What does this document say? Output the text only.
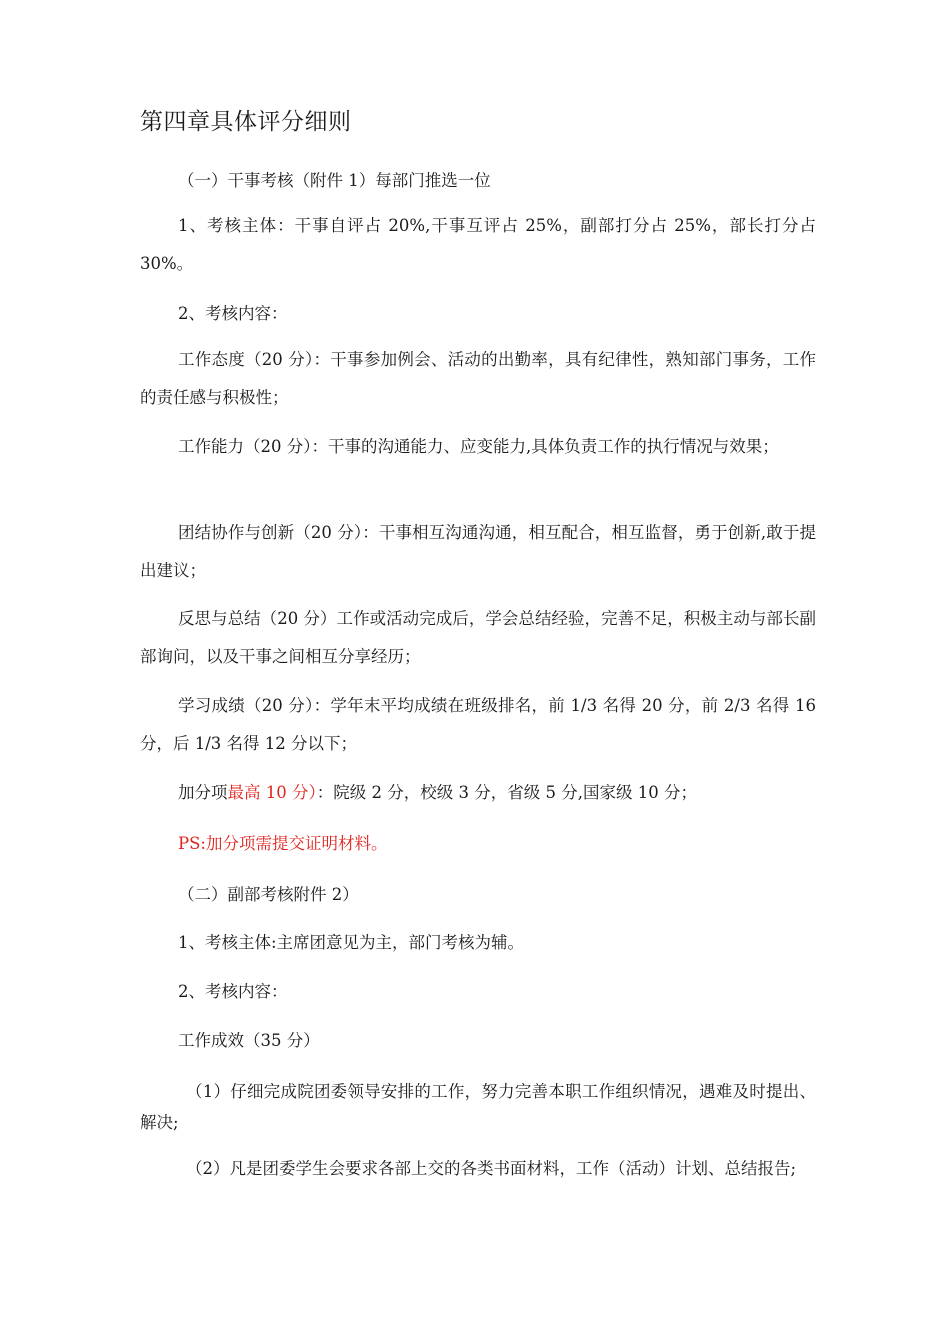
第四章具体评分细则

（一）干事考核（附件 1）每部门推选一位

1、考核主体：干事自评占 20%,干事互评占 25%，副部打分占 25%，部长打分占 30%。

2、考核内容：

工作态度（20 分）：干事参加例会、活动的出勤率，具有纪律性，熟知部门事务，工作的责任感与积极性；

工作能力（20 分）：干事的沟通能力、应变能力,具体负责工作的执行情况与效果；

团结协作与创新（20 分）：干事相互沟通沟通，相互配合，相互监督，勇于创新,敢于提出建议；

反思与总结（20 分）工作或活动完成后，学会总结经验，完善不足，积极主动与部长副部询问，以及干事之间相互分享经历；

学习成绩（20 分）：学年末平均成绩在班级排名，前 1/3 名得 20 分，前 2/3 名得 16 分，后 1/3 名得 12 分以下；

加分项最高 10 分）：院级 2 分，校级 3 分，省级 5 分,国家级 10 分；

PS:加分项需提交证明材料。

（二）副部考核附件 2）

1、考核主体:主席团意见为主，部门考核为辅。

2、考核内容：

工作成效（35 分）

（1）仔细完成院团委领导安排的工作，努力完善本职工作组织情况，遇难及时提出、解决;

（2）凡是团委学生会要求各部上交的各类书面材料，工作（活动）计划、总结报告;
